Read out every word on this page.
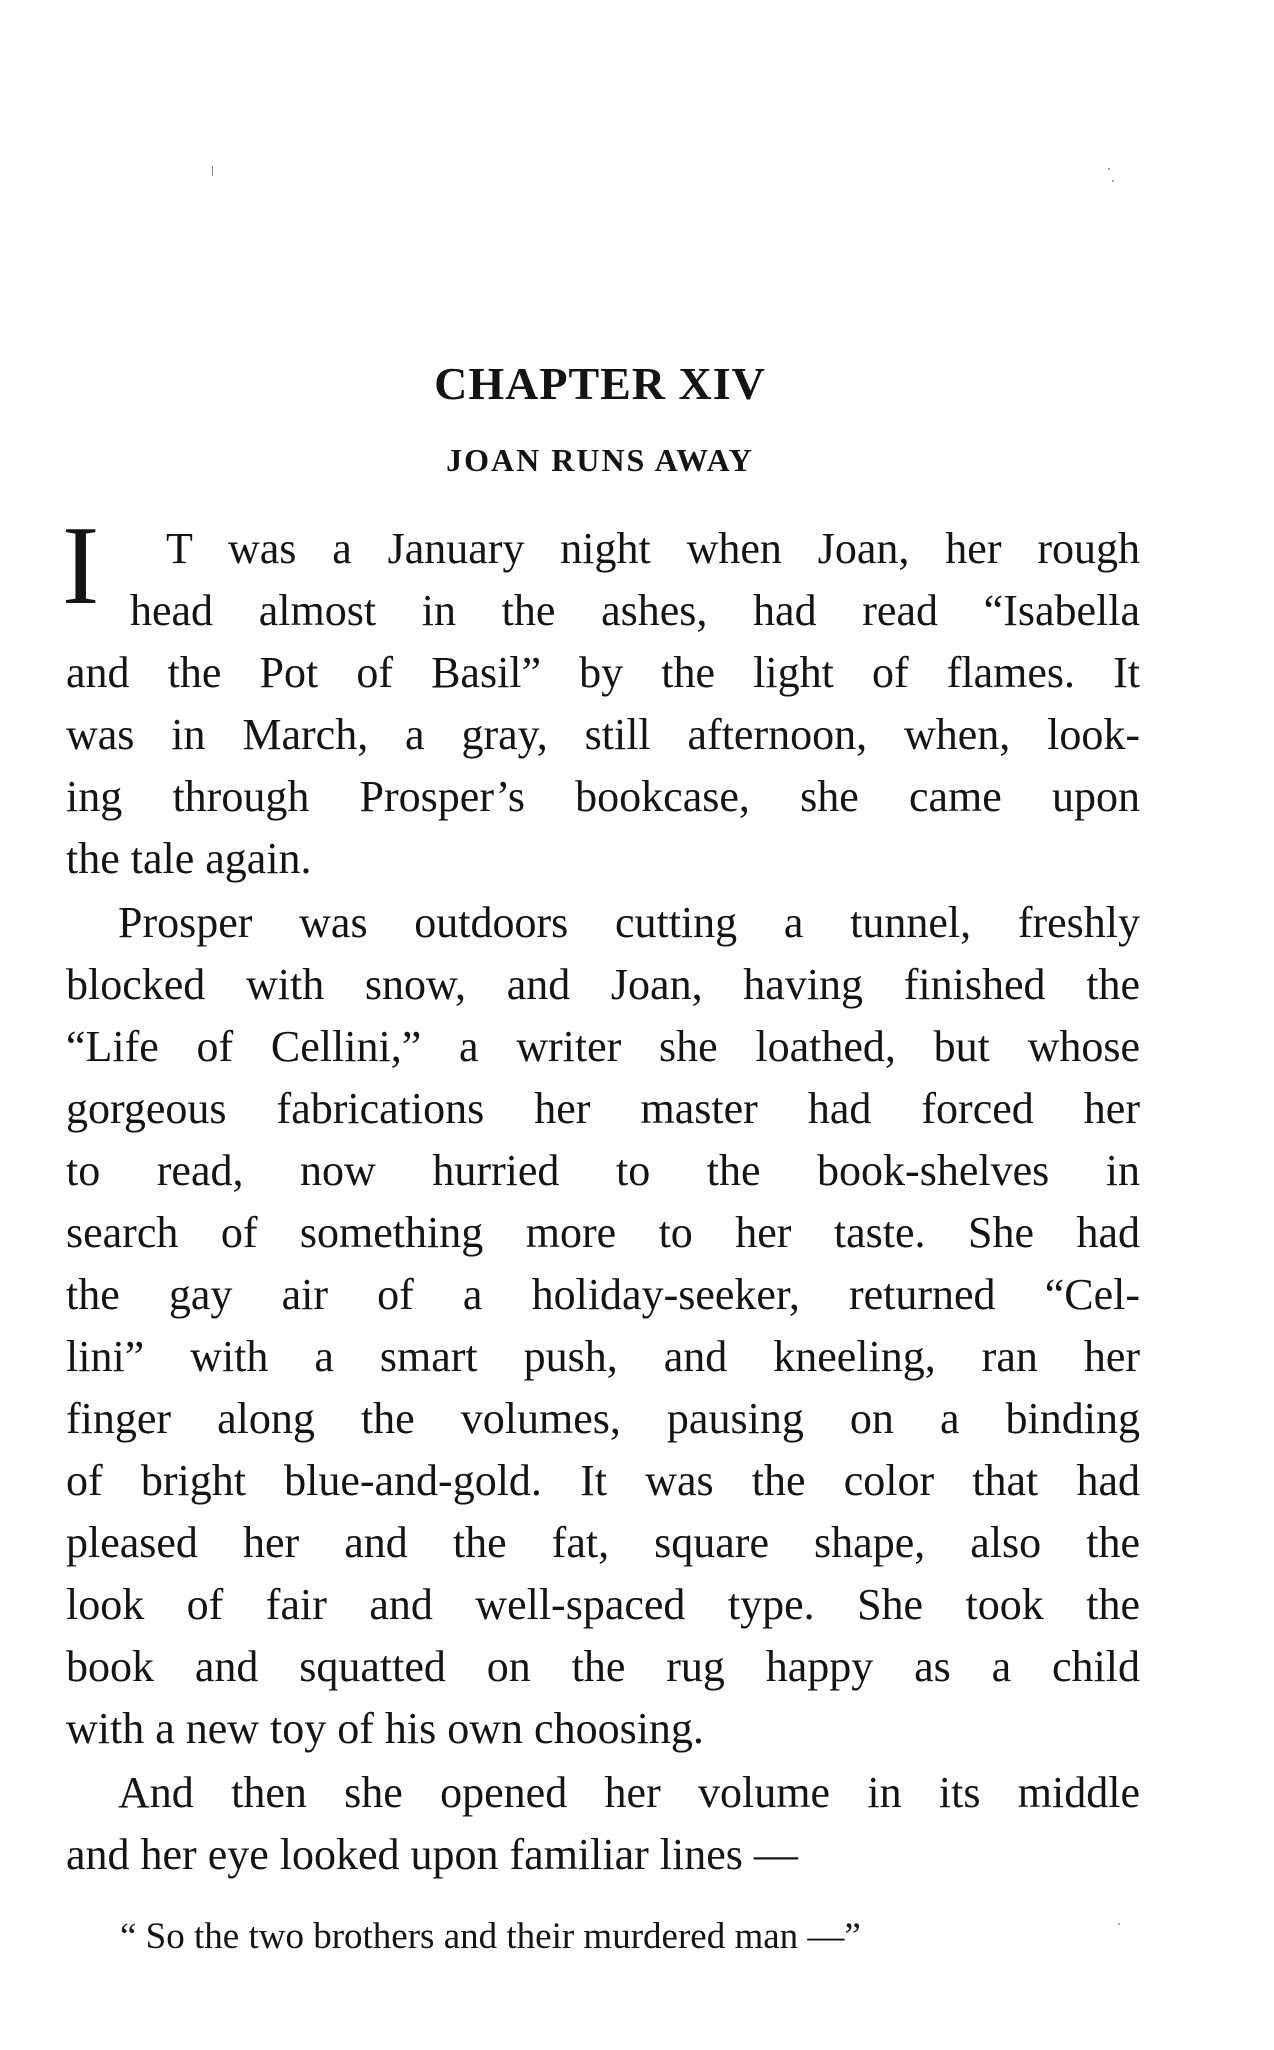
CHAPTER XIV
JOAN RUNS AWAY
I T was a January night when Joan, her rough
head almost in the ashes, had read “Isabella
and the Pot of Basil” by the light of flames. It
was in March, a gray, still afternoon, when, look-
ing through Prosper’s bookcase, she came upon
the tale again.
Prosper was outdoors cutting a tunnel, freshly
blocked with snow, and Joan, having finished the
“Life of Cellini,” a writer she loathed, but whose
gorgeous fabrications her master had forced her
to read, now hurried to the book-shelves in
search of something more to her taste. She had
the gay air of a holiday-seeker, returned “Cel-
lini” with a smart push, and kneeling, ran her
finger along the volumes, pausing on a binding
of bright blue-and-gold. It was the color that had
pleased her and the fat, square shape, also the
look of fair and well-spaced type. She took the
book and squatted on the rug happy as a child
with a new toy of his own choosing.
And then she opened her volume in its middle
and her eye looked upon familiar lines —
“ So the two brothers and their murdered man —”
